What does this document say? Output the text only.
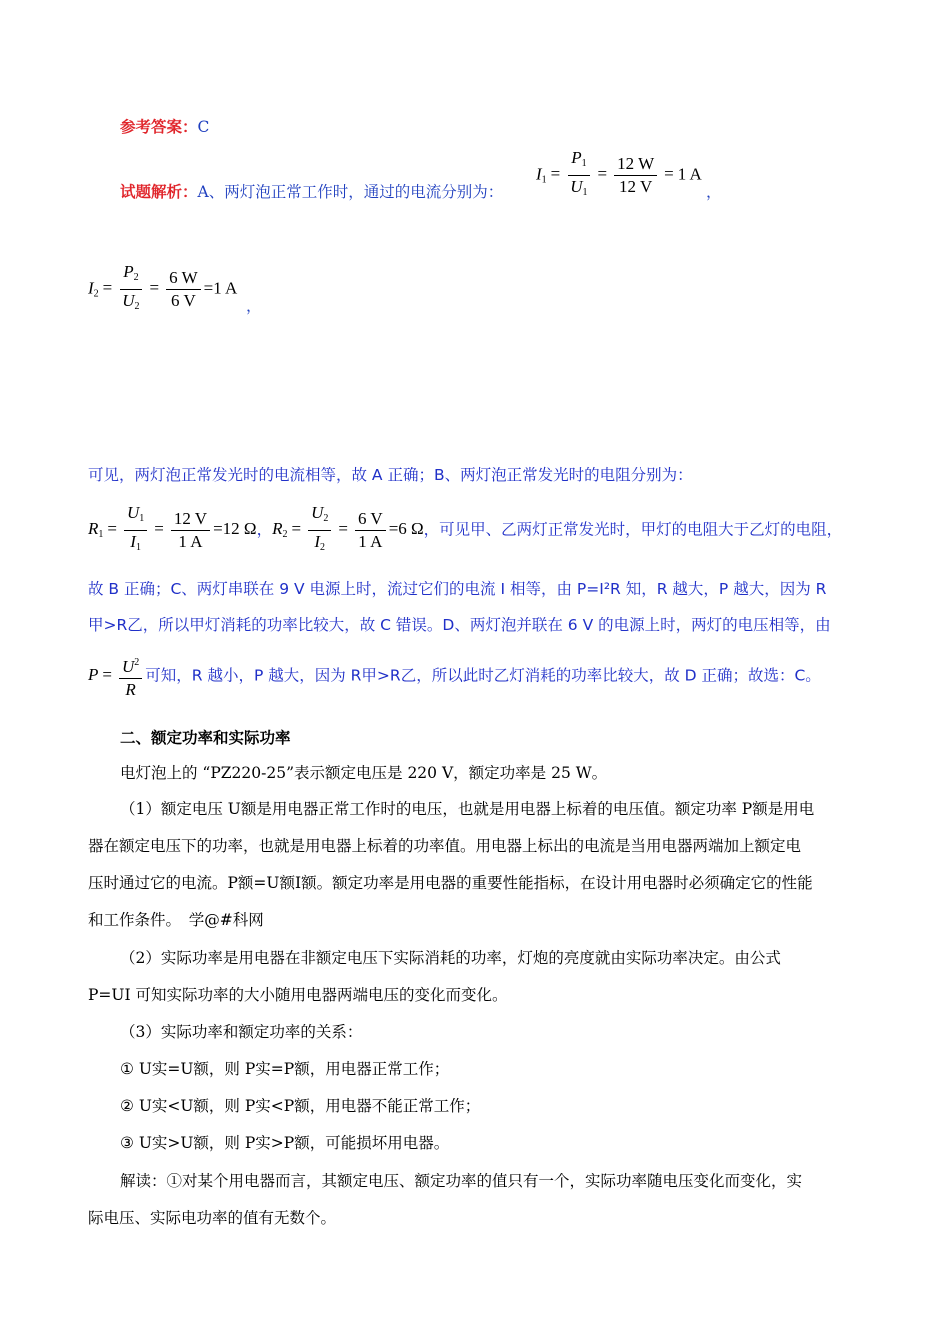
参考答案：C
试题解析：A、两灯泡正常工作时，通过的电流分别为：
$I_1 = \frac{P_1}{U_1} = \frac{12 W}{12 V} = 1$ A
，
$I_2 = \frac{P_2}{U_2} = \frac{6 W}{6 V} =1$ A
，
可见，两灯泡正常发光时的电流相等，故 A 正确；B、两灯泡正常发光时的电阻分别为：
$R_1 = \frac{U_1}{I_1} = \frac{12 V}{1 A} =12$ Ω，$R_2 = \frac{U_2}{I_2} = \frac{6 V}{1 A} =6$ Ω，可见甲、乙两灯正常发光时，甲灯的电阻大于乙灯的电阻，
故 B 正确；C、两灯串联在 9 V 电源上时，流过它们的电流 I 相等，由 P=I²R 知，R 越大，P 越大，因为 R
甲>R乙，所以甲灯消耗的功率比较大，故 C 错误。D、两灯泡并联在 6 V 的电源上时，两灯的电压相等，由
$P = \frac{U^2}{R}$ 可知，R 越小，P 越大，因为 R甲>R乙，所以此时乙灯消耗的功率比较大，故 D 正确；故选：C。
二、额定功率和实际功率
电灯泡上的 “PZ220-25”表示额定电压是 220 V，额定功率是 25 W。
（1）额定电压 U额是用电器正常工作时的电压，也就是用电器上标着的电压值。额定功率 P额是用电
器在额定电压下的功率，也就是用电器上标着的功率值。用电器上标出的电流是当用电器两端加上额定电
压时通过它的电流。P额=U额I额。额定功率是用电器的重要性能指标，在设计用电器时必须确定它的性能
和工作条件。　学@#科网
（2）实际功率是用电器在非额定电压下实际消耗的功率，灯炮的亮度就由实际功率决定。由公式
P=UI 可知实际功率的大小随用电器两端电压的变化而变化。
（3）实际功率和额定功率的关系：
① U实=U额，则 P实=P额，用电器正常工作；
② U实<U额，则 P实<P额，用电器不能正常工作；
③ U实>U额，则 P实>P额，可能损坏用电器。
解读：①对某个用电器而言，其额定电压、额定功率的值只有一个，实际功率随电压变化而变化，实
际电压、实际电功率的值有无数个。
